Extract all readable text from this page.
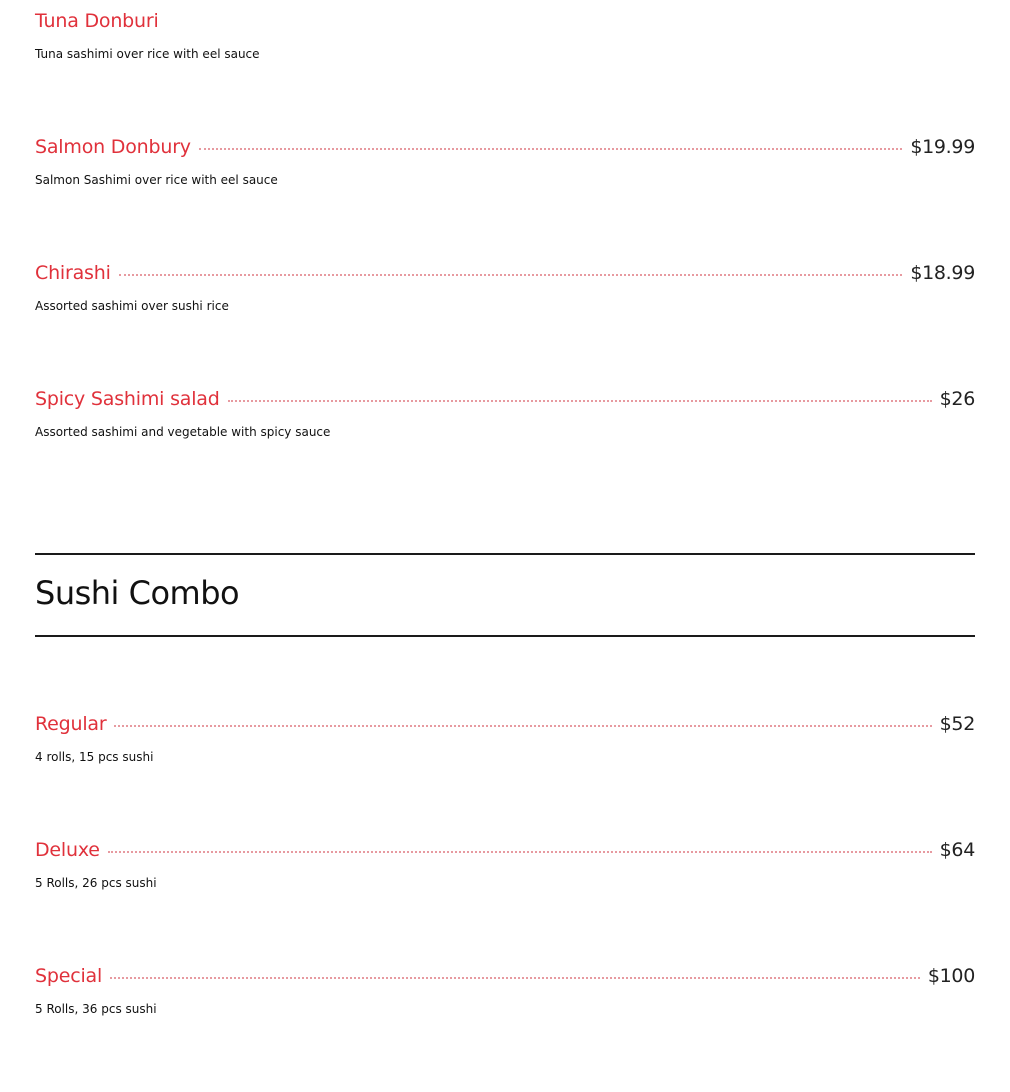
Tuna Donburi
Tuna sashimi over rice with eel sauce
Salmon Donbury	$19.99
Salmon Sashimi over rice with eel sauce
Chirashi	$18.99
Assorted sashimi over sushi rice
Spicy Sashimi salad	$26
Assorted sashimi and vegetable with spicy sauce
Sushi Combo
Regular	$52
4 rolls, 15 pcs sushi
Deluxe	$64
5 Rolls, 26 pcs sushi
Special	$100
5 Rolls, 36 pcs sushi
